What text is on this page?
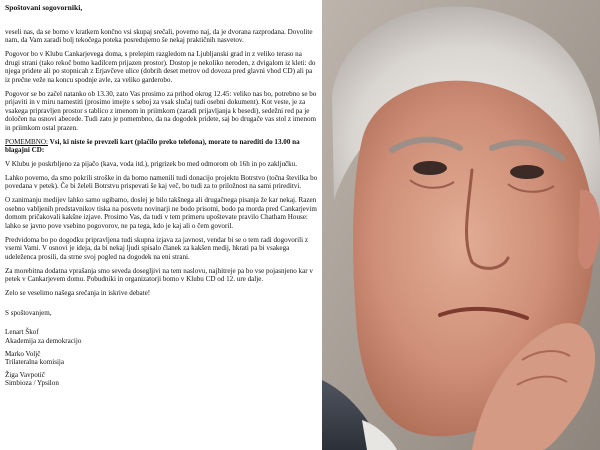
Spoštovani sogovorniki,

veseli nas, da se bomo v kratkem končno vsi skupaj srečali, povemo naj, da je dvorana razprodana. Dovolite nam, da Vam zaradi bolj tekočega poteka posredujemo še nekaj praktičnih nasvetov.

Pogovor bo v Klubu Cankarjevega doma, s prelepim razgledom na Ljubljanski grad in z veliko teraso na drugi strani (tako rekoč bomo kadilcem prijazen prostor). Dostop je nekoliko neroden, z dvigalom iz kleti: do njega pridete ali po stopnicah z Erjavčeve ulice (dobrih deset metrov od dovoza pred glavni vhod CD) ali pa iz prečne veže na koncu spodnje avle, za veliko garderobo.

Pogovor se bo začel natanko ob 13.30, zato Vas prosimo za prihod okrog 12.45: veliko nas bo, potrebno se bo prijaviti in v miru namestiti (prosimo imejte s seboj za vsak slučaj tudi osebni dokument). Kot veste, je za vsakega pripravljen prostor s tablico z imenom in priimkom (zaradi prijavljanja k besedi), sedežni red pa je določen na osnovi abecede. Tudi zato je pomembno, da na dogodek pridete, saj bo drugače vas stol z imenom in priimkom ostal prazen.

POMEMBNO: Vsi, ki niste še prevzeli kart (plačilo preko telefona), morate to narediti do 13.00 na blagajni CD:

V Klubu je poskrbljeno za pijačo (kava, voda itd.), prigrizek bo med odmorom ob 16h in po zaključku.

Lahko povemo, da smo pokrili stroške in da bomo namenili tudi donacijo projektu Botrstvo (točna številka bo povedana v petek). Če bi želeli Botrstvu prispevati še kaj več, bo tudi za to priložnost na sami prireditvi.

O zanimanju medijev lahko samo ugibamo, doslej je bilo takšnega ali drugačnega pisanja že kar nekaj. Razen osebno vabljenih predstavnikov tiska na posvetu novinarji ne bodo prisotni, bodo pa morda pred Cankarjevim domom pričakovali kakšne izjave. Prosimo Vas, da tudi v tem primeru upoštevate pravilo Chatham House: lahko se javno pove vsebino pogovorov, ne pa tega, kdo je kaj ali o čem govoril.

Predvidoma bo po dogodku pripravljena tudi skupna izjava za javnost, vendar bi se o tem radi dogovorili z vsemi Vami. V osnovi je ideja, da bi nekaj ljudi spisalo članek za kakšen medij, hkrati pa bi vsakega udeleženca prosili, da strne svoj pogled na dogodek na eni strani.

Za morebitna dodatna vprašanja smo seveda dosegljivi na tem naslovu, najhitreje pa bo vse pojasnjeno kar v petek v Cankarjevem domu. Pobudniki in organizatorji bomo v Klubu CD od 12. ure dalje.

Zelo se veselimo našega srečanja in iskrive debate!

S spoštovanjem,

Lenart Škof
Akademija za demokracijo

Marko Voljč
Trilateralna komisija

Žiga Vavpotič
Simbioza / Ypsilon
